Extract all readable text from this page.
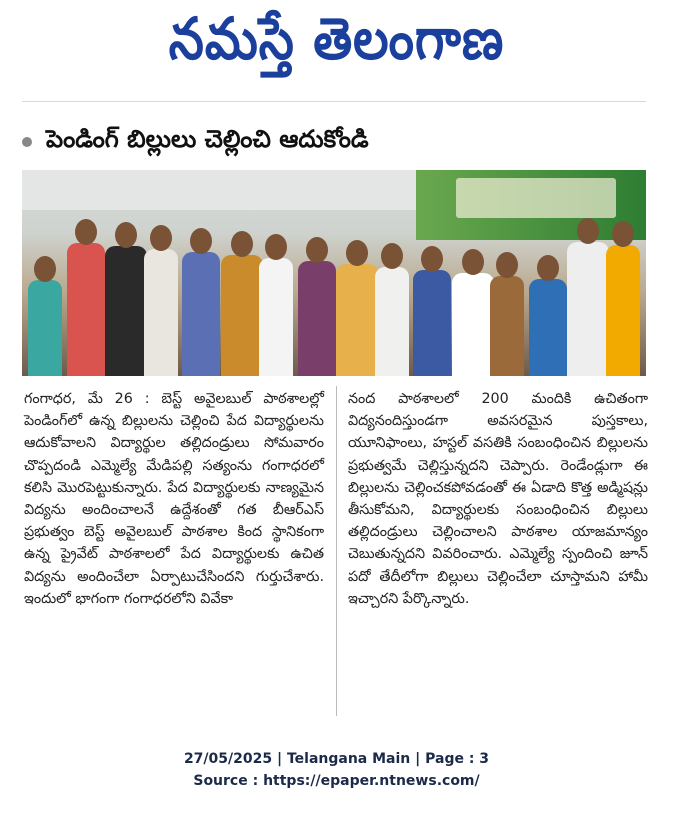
నమస్తే తెలంగాణ
పెండింగ్ బిల్లులు చెల్లించి ఆదుకోండి

గంగాధర, మే 26 : బెస్ట్ అవైలబుల్ పాఠశాలల్లో పెండింగ్‌లో ఉన్న బిల్లులను చెల్లించి పేద విద్యార్థులను ఆదుకోవాలని విద్యార్థుల తల్లిదండ్రులు సోమవారం చొప్పదండి ఎమ్మెల్యే మేడిపల్లి సత్యంను గంగాధరలో కలిసి మొరపెట్టుకున్నారు. పేద విద్యార్థులకు నాణ్యమైన విద్యను అందించాలనే ఉద్దేశంతో గత బీఆర్ఎస్ ప్రభుత్వం బెస్ట్ అవైలబుల్ పాఠశాల కింద స్థానికంగా ఉన్న ప్రైవేట్ పాఠశాలలో పేద విద్యార్థులకు ఉచిత విద్యను అందించేలా ఏర్పాటుచేసిందని గుర్తుచేశారు. ఇందులో భాగంగా గంగాధరలోని వివేకా

నంద పాఠశాలలో 200 మందికి ఉచితంగా విద్యనందిస్తుండగా అవసరమైన పుస్తకాలు, యూనిఫాంలు, హస్టల్ వసతికి సంబంధించిన బిల్లులను ప్రభుత్వమే చెల్లిస్తున్నదని చెప్పారు. రెండేండ్లుగా ఈ బిల్లులను చెల్లించకపోవడంతో ఈ ఏడాది కొత్త అడ్మిషన్లు తీసుకోమని, విద్యార్థులకు సంబంధించిన బిల్లులు తల్లిదండ్రులు చెల్లించాలని పాఠశాల యాజమాన్యం చెబుతున్నదని వివరించారు. ఎమ్మెల్యే స్పందించి జూన్ పదో తేదీలోగా బిల్లులు చెల్లించేలా చూస్తామని హామీ ఇచ్చారని పేర్కొన్నారు.

27/05/2025 | Telangana Main | Page : 3
Source : https://epaper.ntnews.com/
